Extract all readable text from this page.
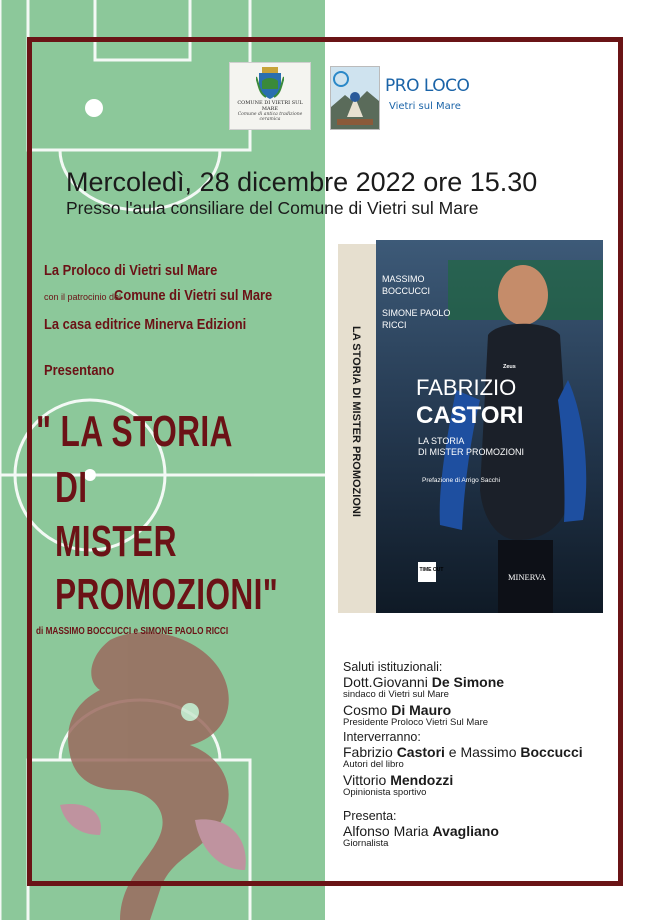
COMUNE DI VIETRI SUL MARE
Comune di antica tradizione ceramica
PRO LOCO
Vietri sul Mare
Mercoledì, 28 dicembre 2022 ore 15.30
Presso l'aula consiliare del Comune di Vietri sul Mare
La Proloco di Vietri sul Mare
con il patrocinio del
Comune di Vietri sul Mare
La casa editrice Minerva Edizioni
Presentano
" LA STORIA
DI
MISTER
PROMOZIONI"
di MASSIMO BOCCUCCI e SIMONE PAOLO RICCI
LA STORIA DI MISTER PROMOZIONI
MASSIMO
BOCCUCCI
SIMONE PAOLO
RICCI
FABRIZIO
CASTORI
LA STORIA
DI MISTER PROMOZIONI
Prefazione di Arrigo Sacchi
Zeus
TIME OUT
MINERVA
Saluti istituzionali:
Dott.Giovanni De Simone
sindaco di Vietri sul Mare
Cosmo Di Mauro
Presidente Proloco Vietri Sul Mare
Interverranno:
Fabrizio Castori e Massimo Boccucci
Autori del libro
Vittorio Mendozzi
Opinionista sportivo
Presenta:
Alfonso Maria Avagliano
Giornalista
